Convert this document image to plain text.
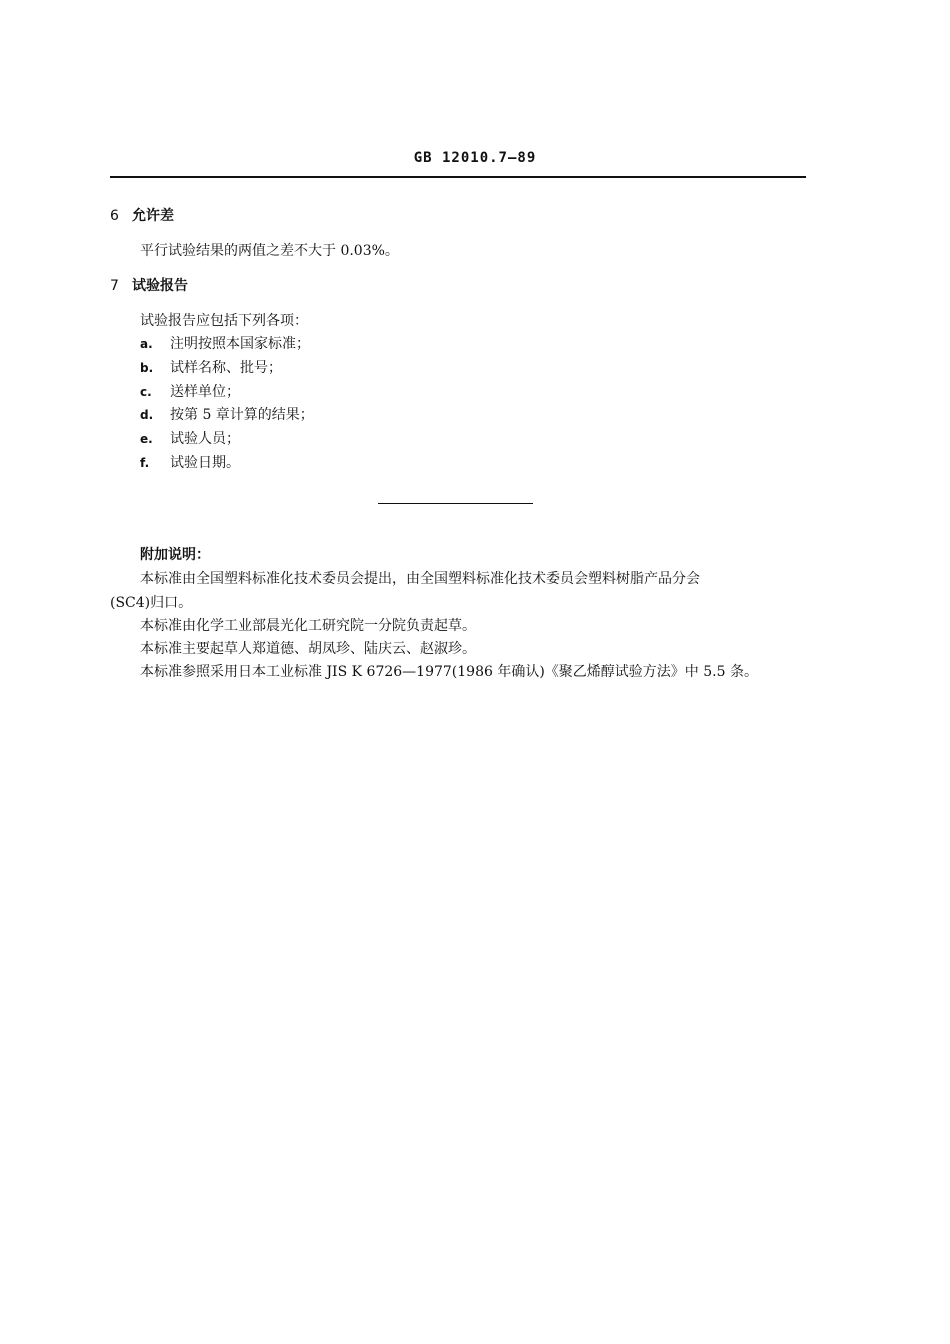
GB 12010.7—89
6 允许差
平行试验结果的两值之差不大于 0.03%。
7 试验报告
试验报告应包括下列各项：
a. 注明按照本国家标准；
b. 试样名称、批号；
c. 送样单位；
d. 按第 5 章计算的结果；
e. 试验人员；
f. 试验日期。
附加说明：
本标准由全国塑料标准化技术委员会提出，由全国塑料标准化技术委员会塑料树脂产品分会
(SC4)归口。
本标准由化学工业部晨光化工研究院一分院负责起草。
本标准主要起草人郑道德、胡凤珍、陆庆云、赵淑珍。
本标准参照采用日本工业标准 JIS K 6726—1977(1986 年确认)《聚乙烯醇试验方法》中 5.5 条。
